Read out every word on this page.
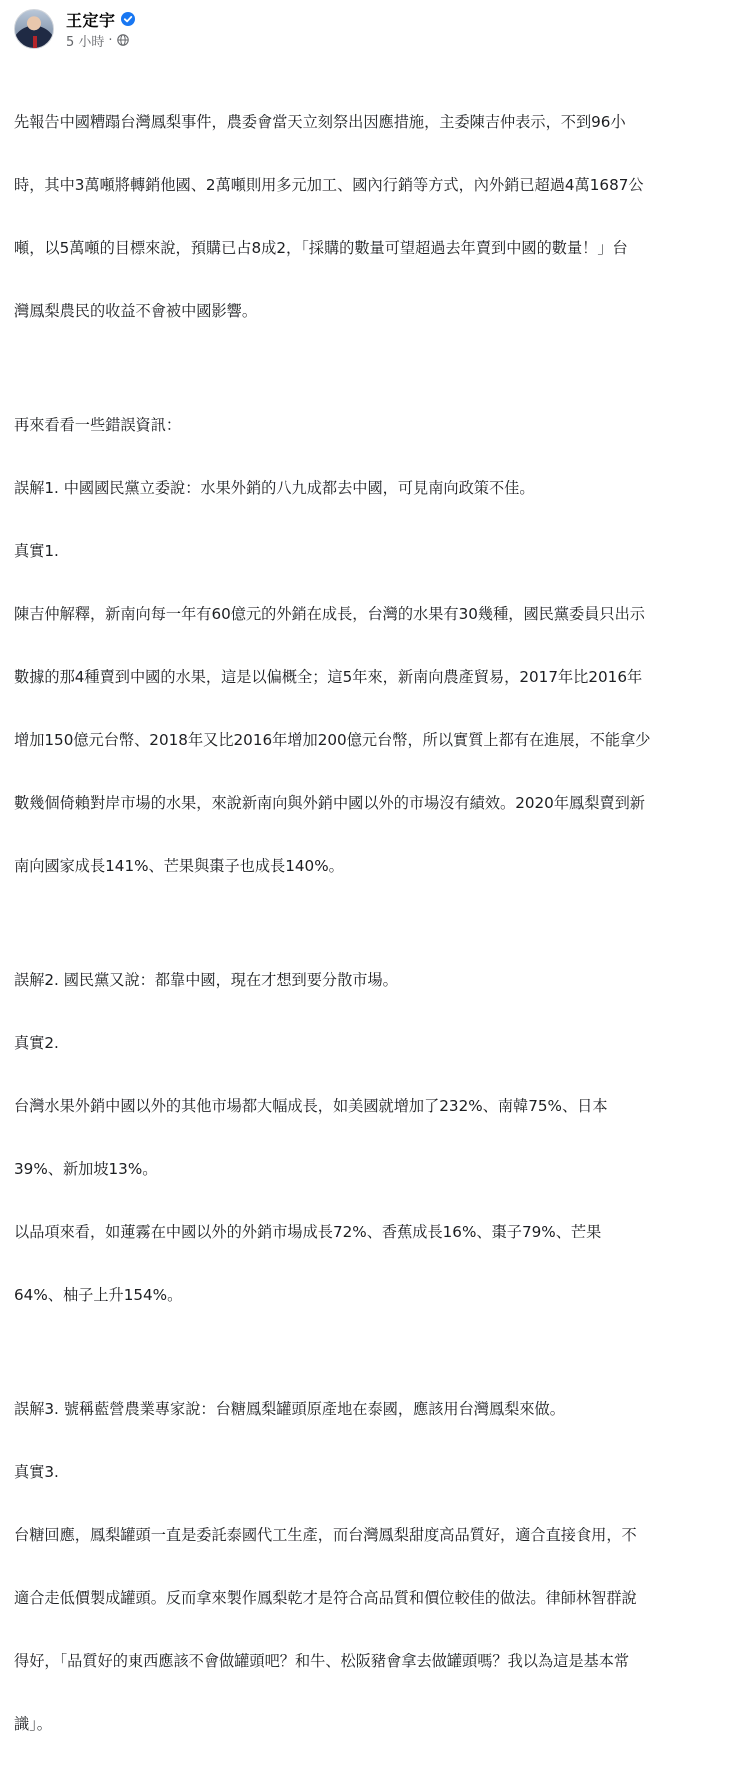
王定宇
5 小時 ·

先報告中國糟蹋台灣鳳梨事件，農委會當天立刻祭出因應措施，主委陳吉仲表示，不到96小

時，其中3萬噸將轉銷他國、2萬噸則用多元加工、國內行銷等方式，內外銷已超過4萬1687公

噸，以5萬噸的目標來說，預購已占8成2，「採購的數量可望超過去年賣到中國的數量！」台

灣鳳梨農民的收益不會被中國影響。

再來看看一些錯誤資訊：

誤解1. 中國國民黨立委說：水果外銷的八九成都去中國，可見南向政策不佳。

真實1.

陳吉仲解釋，新南向每一年有60億元的外銷在成長，台灣的水果有30幾種，國民黨委員只出示

數據的那4種賣到中國的水果，這是以偏概全；這5年來，新南向農產貿易，2017年比2016年

增加150億元台幣、2018年又比2016年增加200億元台幣，所以實質上都有在進展，不能拿少

數幾個倚賴對岸市場的水果，來說新南向與外銷中國以外的市場沒有績效。2020年鳳梨賣到新

南向國家成長141%、芒果與棗子也成長140%。

誤解2. 國民黨又說：都靠中國，現在才想到要分散市場。

真實2.

台灣水果外銷中國以外的其他市場都大幅成長，如美國就增加了232%、南韓75%、日本

39%、新加坡13%。

以品項來看，如蓮霧在中國以外的外銷市場成長72%、香蕉成長16%、棗子79%、芒果

64%、柚子上升154%。

誤解3. 號稱藍營農業專家說：台糖鳳梨罐頭原產地在泰國，應該用台灣鳳梨來做。

真實3.

台糖回應，鳳梨罐頭一直是委託泰國代工生產，而台灣鳳梨甜度高品質好，適合直接食用，不

適合走低價製成罐頭。反而拿來製作鳳梨乾才是符合高品質和價位較佳的做法。律師林智群說

得好，「品質好的東西應該不會做罐頭吧？和牛、松阪豬會拿去做罐頭嗎？我以為這是基本常

識」。
